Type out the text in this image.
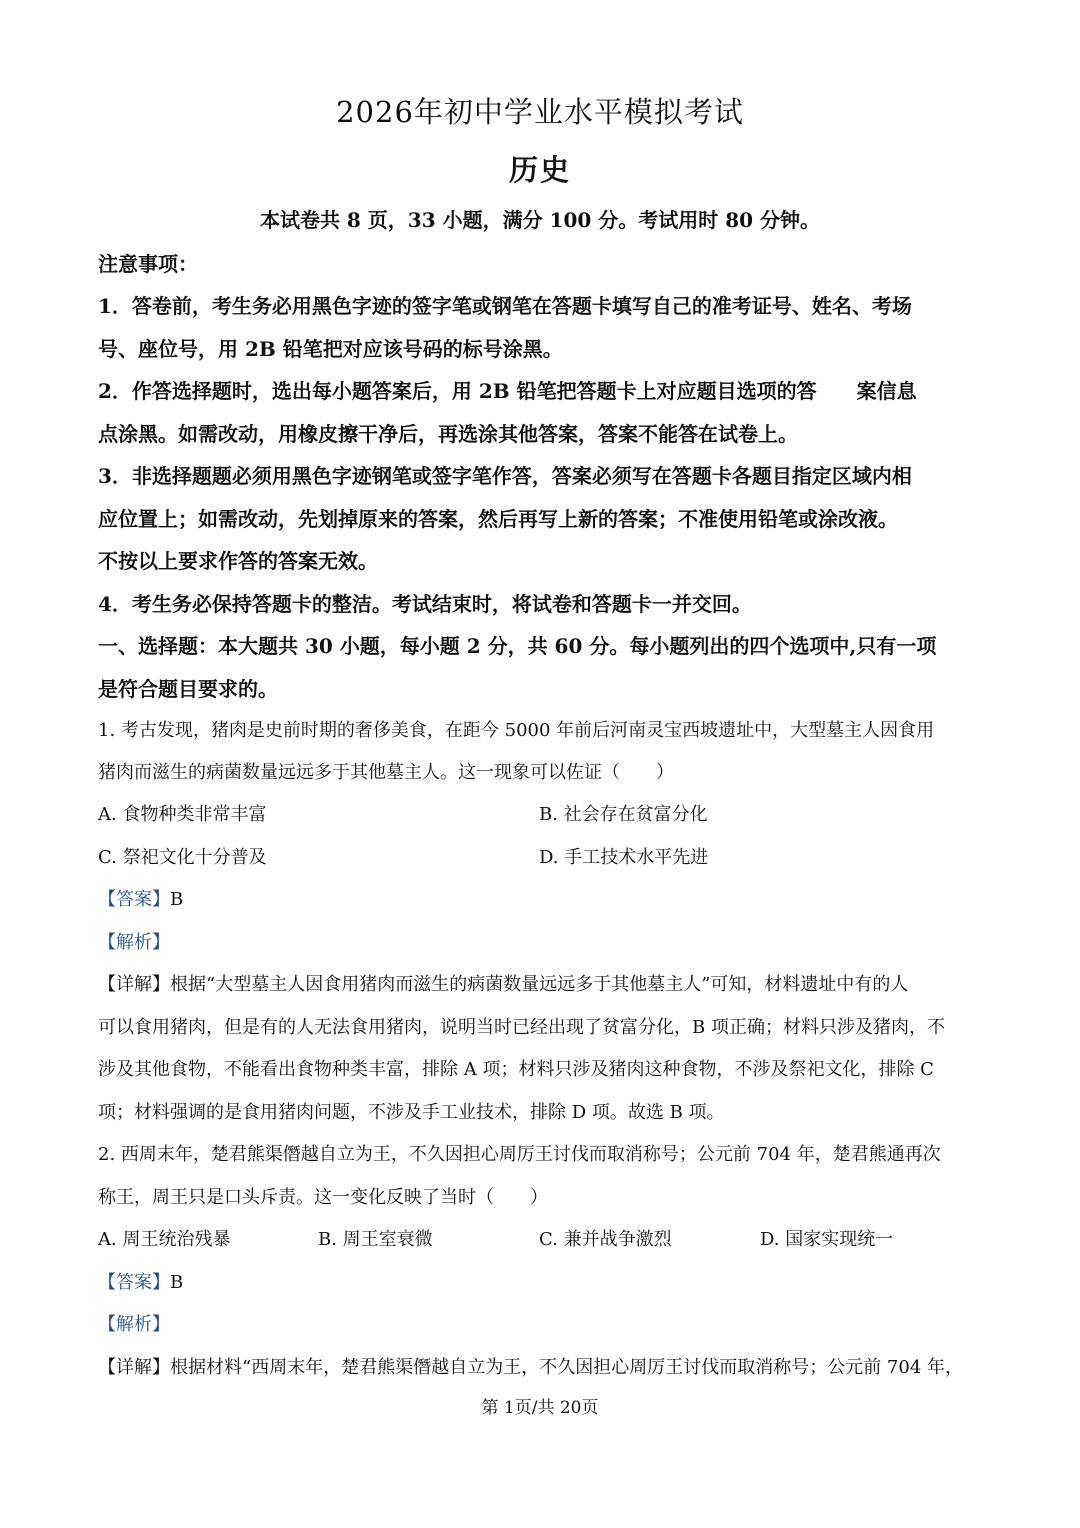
2026年初中学业水平模拟考试
历史
本试卷共 8 页，33 小题，满分 100 分。考试用时 80 分钟。
注意事项：
1．答卷前，考生务必用黑色字迹的签字笔或钢笔在答题卡填写自己的准考证号、姓名、考场
号、座位号，用 2B 铅笔把对应该号码的标号涂黑。
2．作答选择题时，选出每小题答案后，用 2B 铅笔把答题卡上对应题目选项的答　　案信息
点涂黑。如需改动，用橡皮擦干净后，再选涂其他答案，答案不能答在试卷上。
3．非选择题题必须用黑色字迹钢笔或签字笔作答，答案必须写在答题卡各题目指定区域内相
应位置上；如需改动，先划掉原来的答案，然后再写上新的答案；不准使用铅笔或涂改液。
不按以上要求作答的答案无效。
4．考生务必保持答题卡的整洁。考试结束时，将试卷和答题卡一并交回。
一、选择题：本大题共 30 小题，每小题 2 分，共 60 分。每小题列出的四个选项中,只有一项
是符合题目要求的。
1. 考古发现，猪肉是史前时期的奢侈美食，在距今 5000 年前后河南灵宝西坡遗址中，大型墓主人因食用
猪肉而滋生的病菌数量远远多于其他墓主人。这一现象可以佐证（　　）
A. 食物种类非常丰富	B. 社会存在贫富分化
C. 祭祀文化十分普及	D. 手工技术水平先进
【答案】B
【解析】
【详解】根据“大型墓主人因食用猪肉而滋生的病菌数量远远多于其他墓主人”可知，材料遗址中有的人
可以食用猪肉，但是有的人无法食用猪肉，说明当时已经出现了贫富分化，B 项正确；材料只涉及猪肉，不
涉及其他食物，不能看出食物种类丰富，排除 A 项；材料只涉及猪肉这种食物，不涉及祭祀文化，排除 C
项；材料强调的是食用猪肉问题，不涉及手工业技术，排除 D 项。故选 B 项。
2. 西周末年，楚君熊渠僭越自立为王，不久因担心周厉王讨伐而取消称号；公元前 704 年，楚君熊通再次
称王，周王只是口头斥责。这一变化反映了当时（　　）
A. 周王统治残暴	B. 周王室衰微	C. 兼并战争激烈	D. 国家实现统一
【答案】B
【解析】
【详解】根据材料“西周末年，楚君熊渠僭越自立为王，不久因担心周厉王讨伐而取消称号；公元前 704 年，
第 1页/共 20页
